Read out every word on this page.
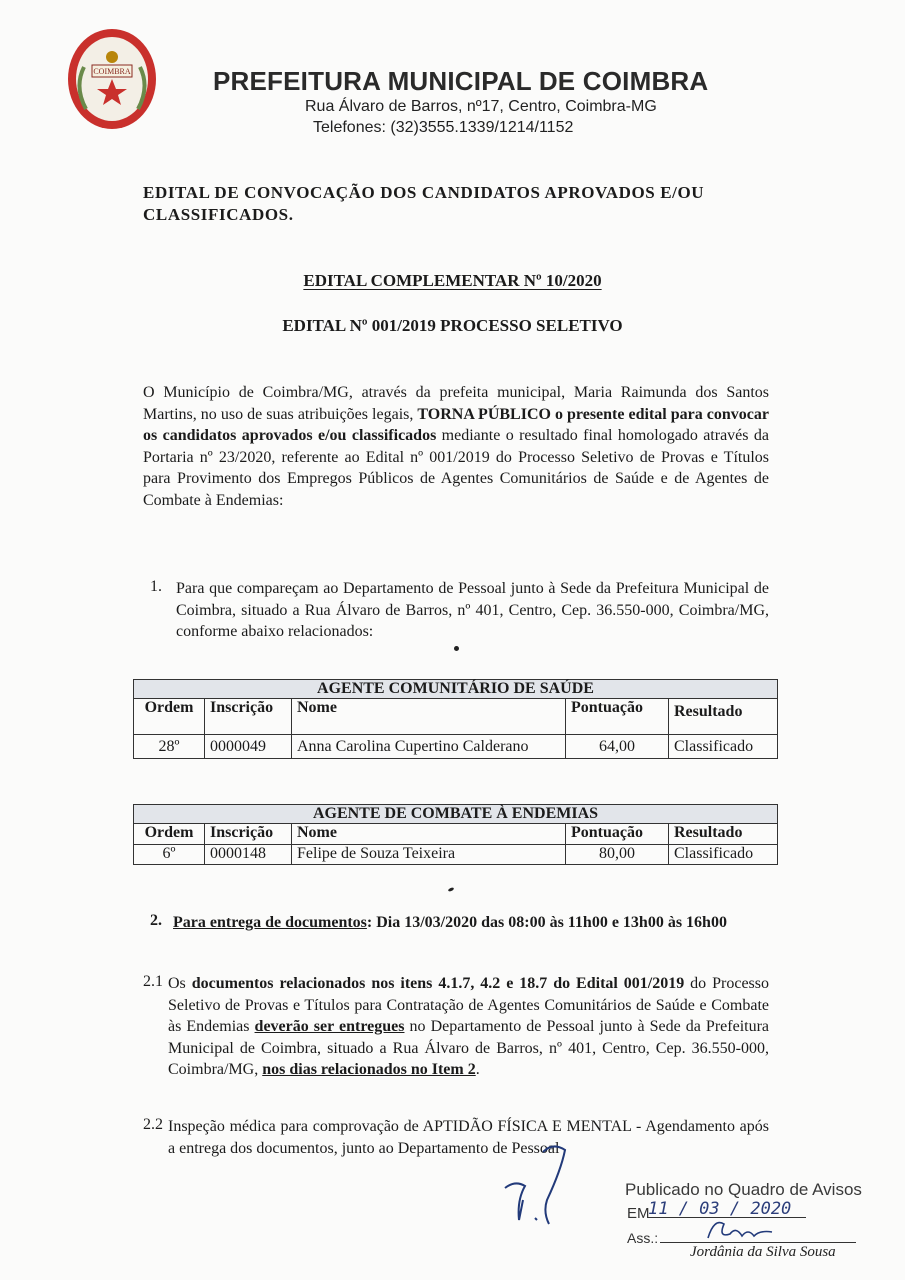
COIMBRA	PREFEITURA MUNICIPAL DE COIMBRA
Rua Álvaro de Barros, nº17, Centro, Coimbra-MG
Telefones: (32)3555.1339/1214/1152
EDITAL DE CONVOCAÇÃO DOS CANDIDATOS APROVADOS E/OU CLASSIFICADOS.
EDITAL COMPLEMENTAR Nº 10/2020
EDITAL Nº 001/2019 PROCESSO SELETIVO
O Município de Coimbra/MG, através da prefeita municipal, Maria Raimunda dos Santos Martins, no uso de suas atribuições legais, TORNA PÚBLICO o presente edital para convocar os candidatos aprovados e/ou classificados mediante o resultado final homologado através da Portaria nº 23/2020, referente ao Edital nº 001/2019 do Processo Seletivo de Provas e Títulos para Provimento dos Empregos Públicos de Agentes Comunitários de Saúde e de Agentes de Combate à Endemias:
1. Para que compareçam ao Departamento de Pessoal junto à Sede da Prefeitura Municipal de Coimbra, situado a Rua Álvaro de Barros, nº 401, Centro, Cep. 36.550-000, Coimbra/MG, conforme abaixo relacionados:
AGENTE COMUNITÁRIO DE SAÚDE				
Ordem	Inscrição	Nome	Pontuação	Resultado
28º	0000049	Anna Carolina Cupertino Calderano	64,00	Classificado
AGENTE DE COMBATE À ENDEMIAS				
Ordem	Inscrição	Nome	Pontuação	Resultado
6º	0000148	Felipe de Souza Teixeira	80,00	Classificado
2. Para entrega de documentos: Dia 13/03/2020 das 08:00 às 11h00 e 13h00 às 16h00
2.1 Os documentos relacionados nos itens 4.1.7, 4.2 e 18.7 do Edital 001/2019 do Processo Seletivo de Provas e Títulos para Contratação de Agentes Comunitários de Saúde e Combate às Endemias deverão ser entregues no Departamento de Pessoal junto à Sede da Prefeitura Municipal de Coimbra, situado a Rua Álvaro de Barros, nº 401, Centro, Cep. 36.550-000, Coimbra/MG, nos dias relacionados no Item 2.
2.2 Inspeção médica para comprovação de APTIDÃO FÍSICA E MENTAL - Agendamento após a entrega dos documentos, junto ao Departamento de Pessoal
Publicado no Quadro de Avisos
EM
11 / 03 / 2020
Ass.:
Jordânia da Silva Sousa
